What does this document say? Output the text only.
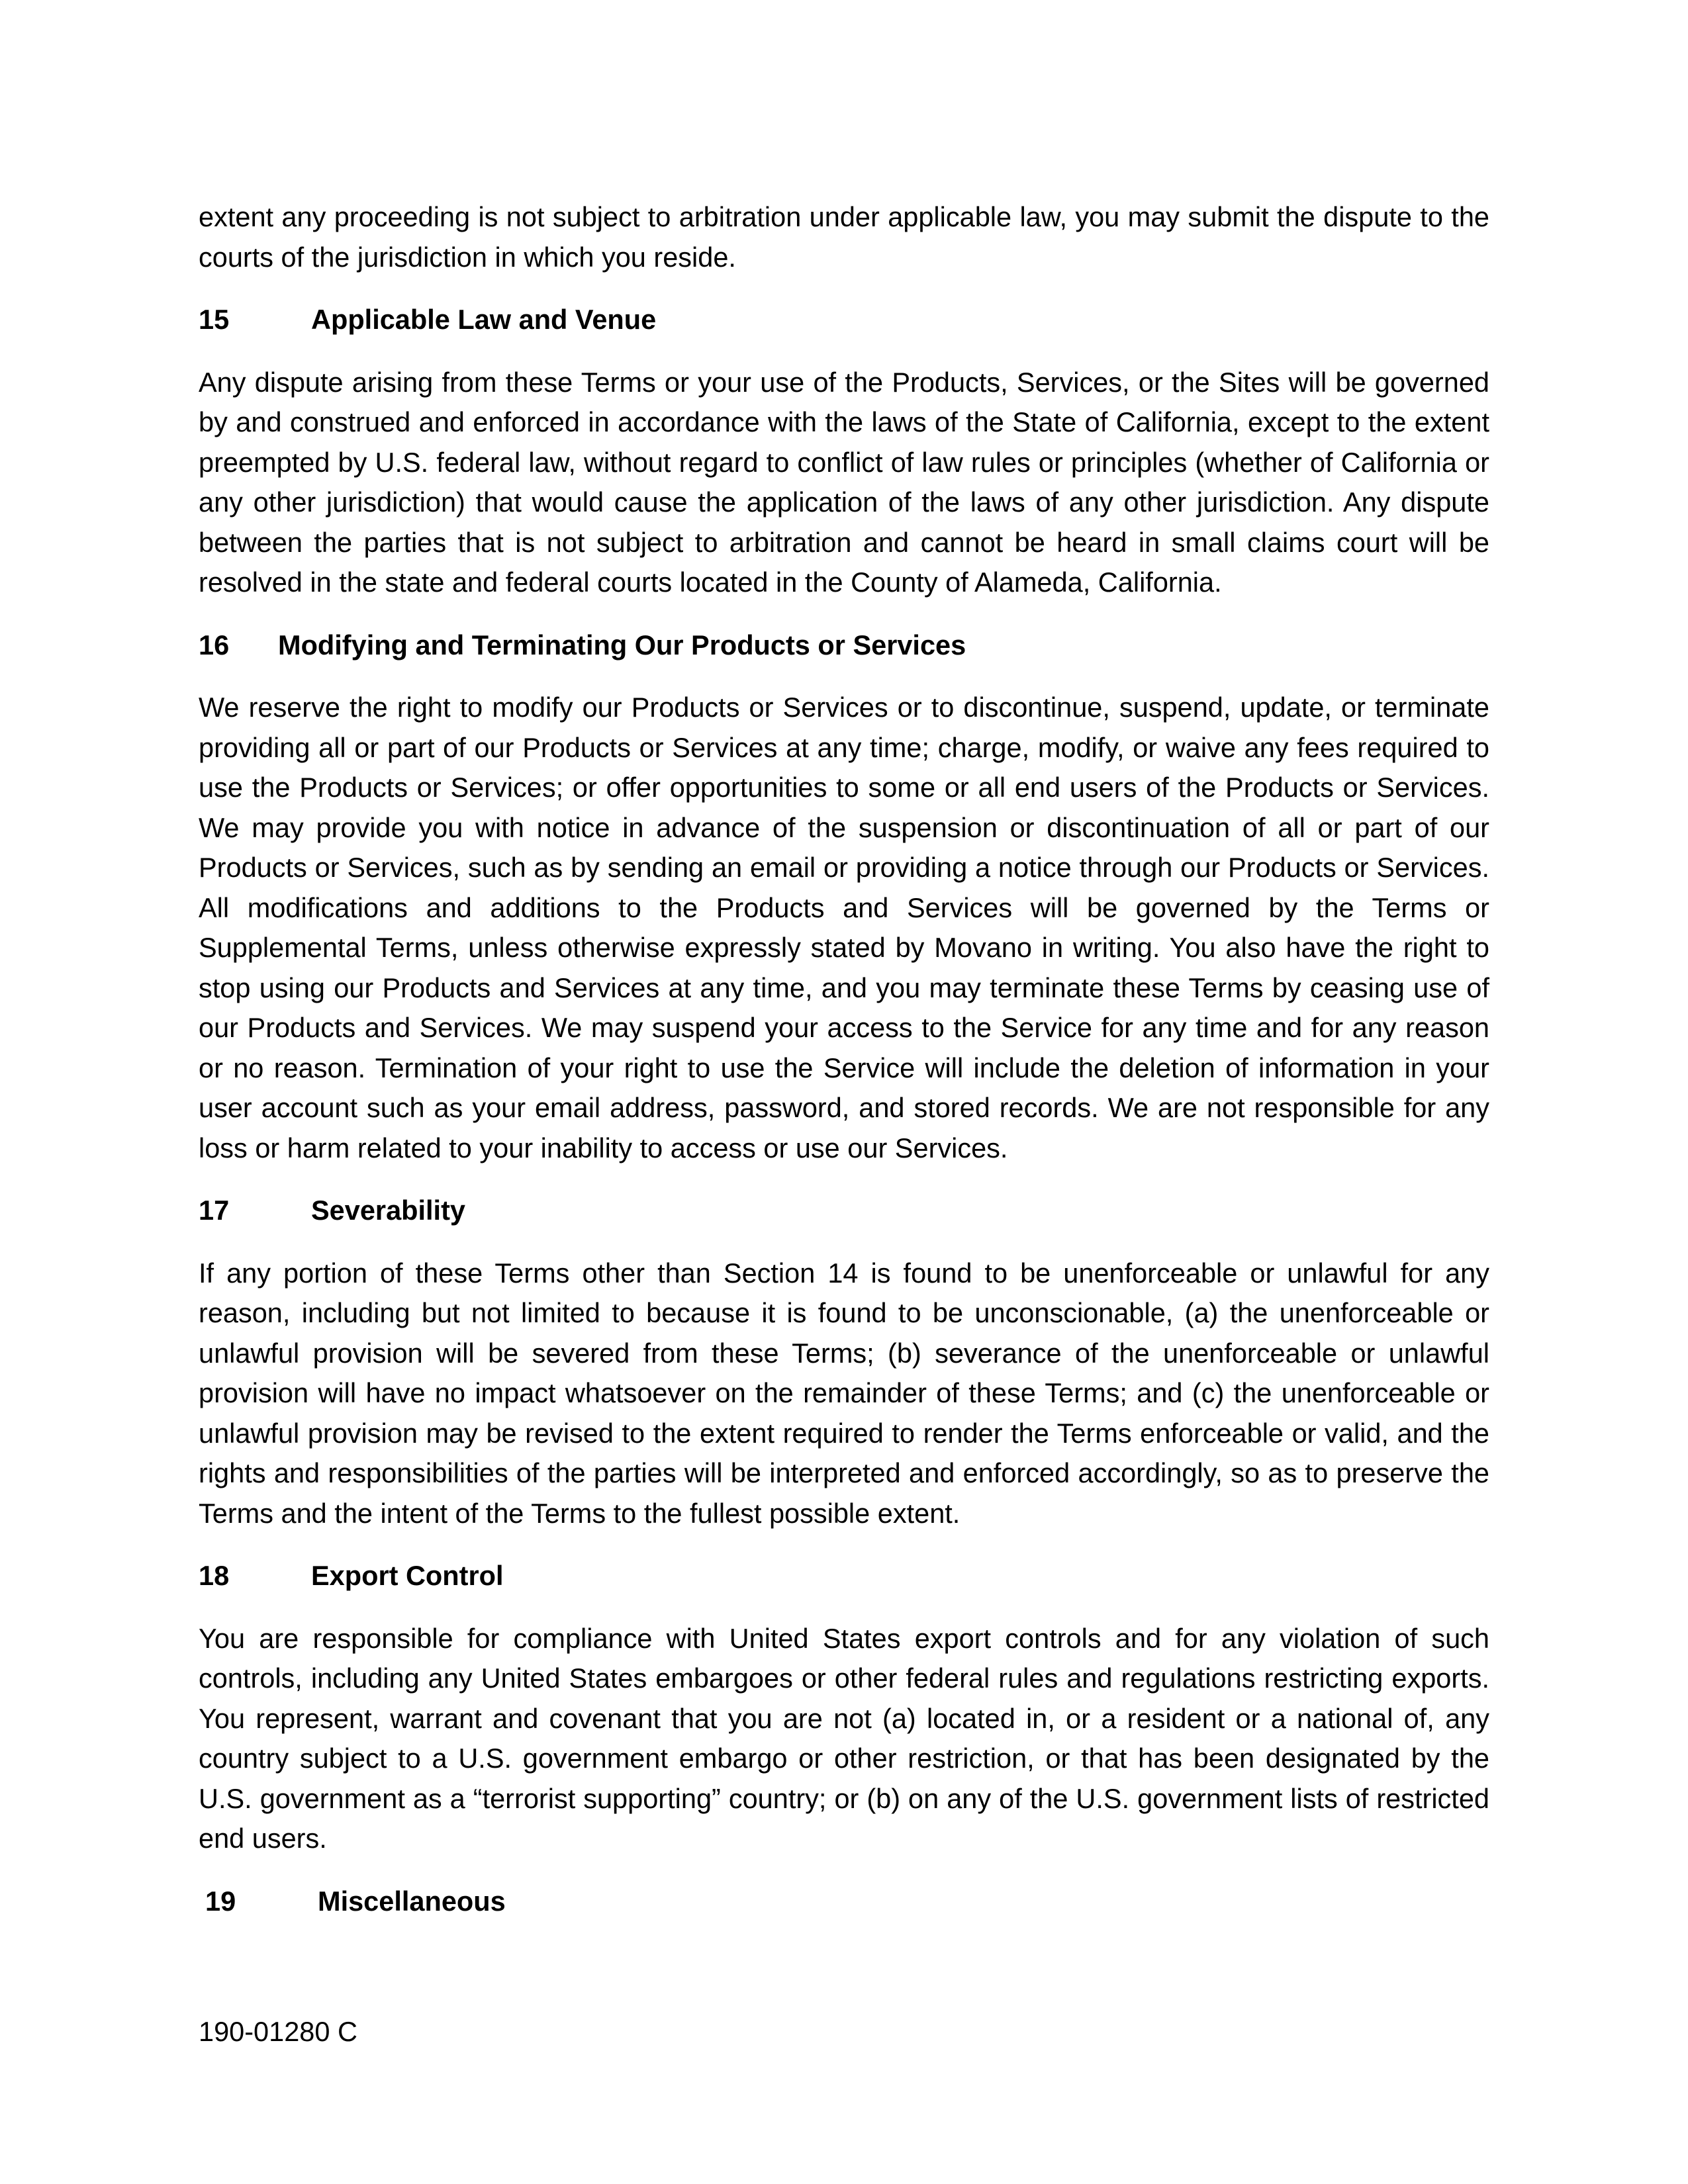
extent any proceeding is not subject to arbitration under applicable law, you may submit the dispute to the courts of the jurisdiction in which you reside.

15	Applicable Law and Venue

Any dispute arising from these Terms or your use of the Products, Services, or the Sites will be governed by and construed and enforced in accordance with the laws of the State of California, except to the extent preempted by U.S. federal law, without regard to conflict of law rules or principles (whether of California or any other jurisdiction) that would cause the application of the laws of any other jurisdiction. Any dispute between the parties that is not subject to arbitration and cannot be heard in small claims court will be resolved in the state and federal courts located in the County of Alameda, California.

16	Modifying and Terminating Our Products or Services

We reserve the right to modify our Products or Services or to discontinue, suspend, update, or terminate providing all or part of our Products or Services at any time; charge, modify, or waive any fees required to use the Products or Services; or offer opportunities to some or all end users of the Products or Services. We may provide you with notice in advance of the suspension or discontinuation of all or part of our Products or Services, such as by sending an email or providing a notice through our Products or Services. All modifications and additions to the Products and Services will be governed by the Terms or Supplemental Terms, unless otherwise expressly stated by Movano in writing. You also have the right to stop using our Products and Services at any time, and you may terminate these Terms by ceasing use of our Products and Services. We may suspend your access to the Service for any time and for any reason or no reason. Termination of your right to use the Service will include the deletion of information in your user account such as your email address, password, and stored records. We are not responsible for any loss or harm related to your inability to access or use our Services.

17	Severability

If any portion of these Terms other than Section 14 is found to be unenforceable or unlawful for any reason, including but not limited to because it is found to be unconscionable, (a) the unenforceable or unlawful provision will be severed from these Terms; (b) severance of the unenforceable or unlawful provision will have no impact whatsoever on the remainder of these Terms; and (c) the unenforceable or unlawful provision may be revised to the extent required to render the Terms enforceable or valid, and the rights and responsibilities of the parties will be interpreted and enforced accordingly, so as to preserve the Terms and the intent of the Terms to the fullest possible extent.

18	Export Control

You are responsible for compliance with United States export controls and for any violation of such controls, including any United States embargoes or other federal rules and regulations restricting exports. You represent, warrant and covenant that you are not (a) located in, or a resident or a national of, any country subject to a U.S. government embargo or other restriction, or that has been designated by the U.S. government as a “terrorist supporting” country; or (b) on any of the U.S. government lists of restricted end users.

19	Miscellaneous
190-01280 C
